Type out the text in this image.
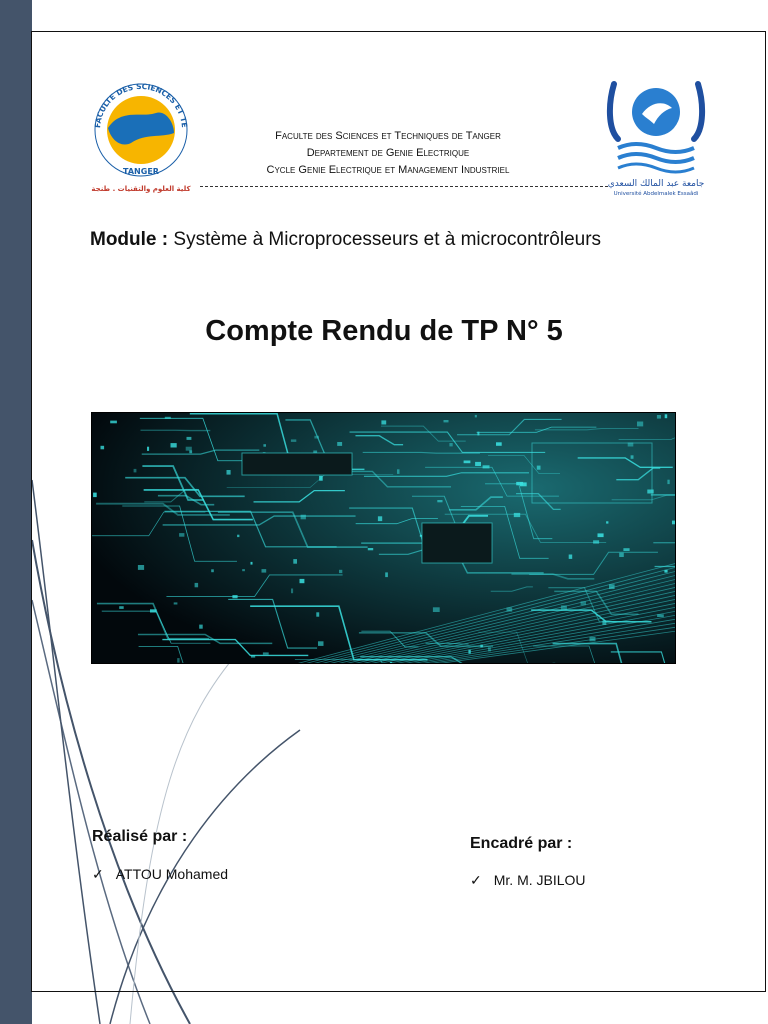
FACULTE DES SCIENCES ET TE
TANGER
كلية العلوم والتقنيات . طنجة
Faculte des Sciences et Techniques de Tanger
Departement de Genie Electrique
Cycle Genie Electrique et Management Industriel
جامعة عبد المالك السعدي
Université Abdelmalek Essaâdi
Module : Système à Microprocesseurs et à microcontrôleurs
Compte Rendu de TP N° 5
Réalisé par :
✓ ATTOU Mohamed
Encadré par :
✓ Mr. M. JBILOU
